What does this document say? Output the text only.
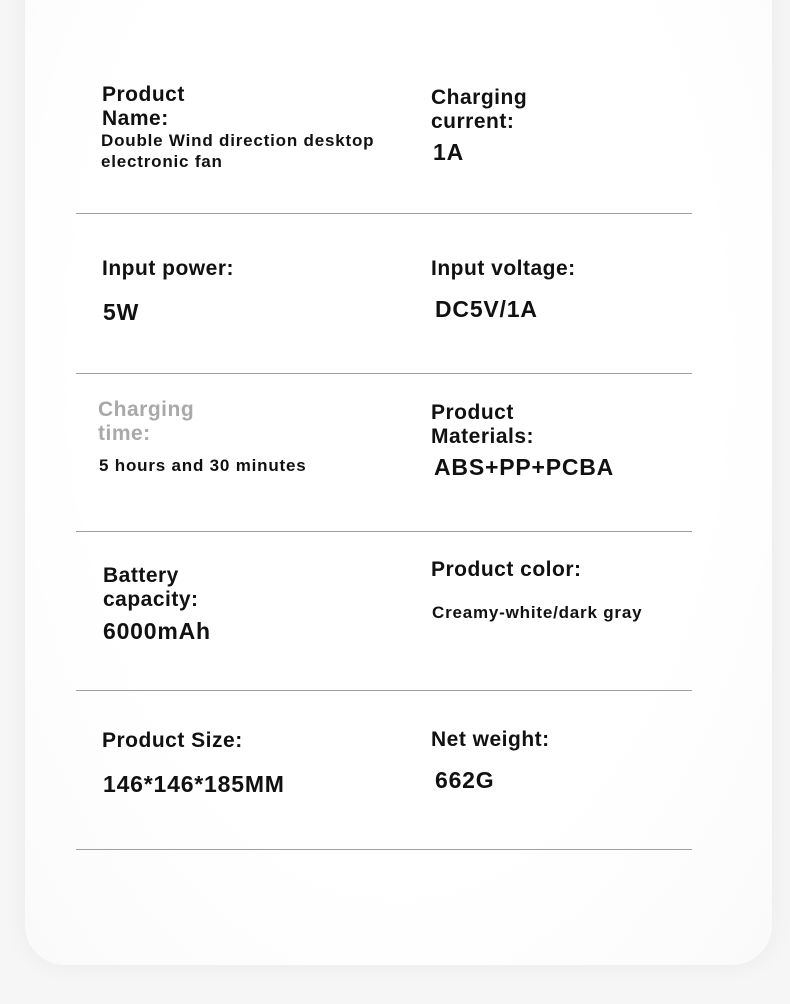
Product Name:
Double Wind direction desktop electronic fan
Charging current:
1A
Input power:
5W
Input voltage:
DC5V/1A
Charging time:
5 hours and 30 minutes
Product Materials:
ABS+PP+PCBA
Battery capacity:
6000mAh
Product color:
Creamy-white/dark gray
Product Size:
146*146*185MM
Net weight:
662G
